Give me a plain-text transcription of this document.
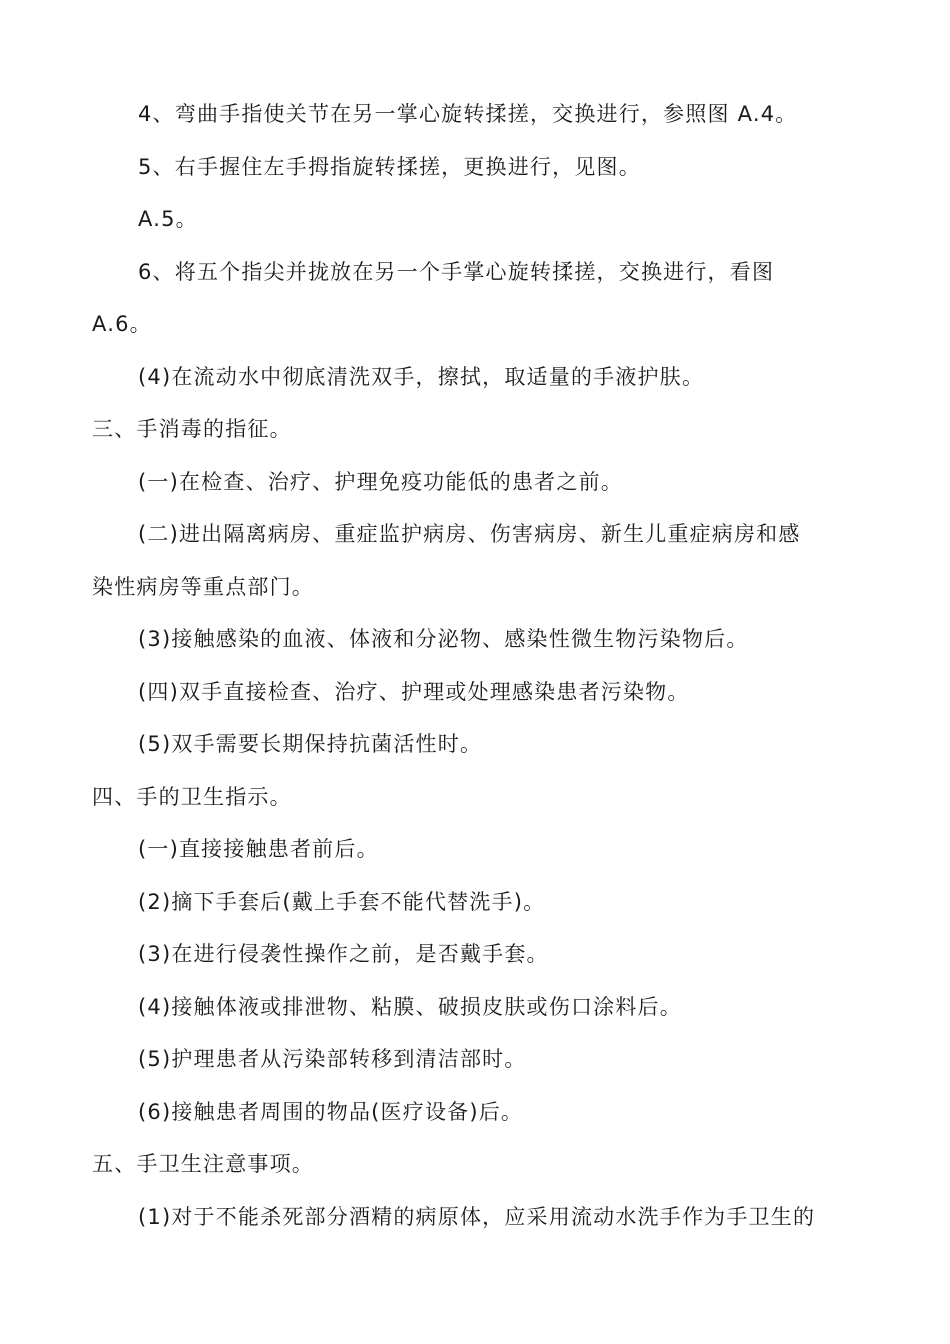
4、弯曲手指使关节在另一掌心旋转揉搓，交换进行，参照图 A.4。

5、右手握住左手拇指旋转揉搓，更换进行，见图。

A.5。

6、将五个指尖并拢放在另一个手掌心旋转揉搓，交换进行，看图

A.6。

(4)在流动水中彻底清洗双手，擦拭，取适量的手液护肤。

三、手消毒的指征。

(一)在检查、治疗、护理免疫功能低的患者之前。

(二)进出隔离病房、重症监护病房、伤害病房、新生儿重症病房和感

染性病房等重点部门。

(3)接触感染的血液、体液和分泌物、感染性微生物污染物后。

(四)双手直接检查、治疗、护理或处理感染患者污染物。

(5)双手需要长期保持抗菌活性时。

四、手的卫生指示。

(一)直接接触患者前后。

(2)摘下手套后(戴上手套不能代替洗手)。

(3)在进行侵袭性操作之前，是否戴手套。

(4)接触体液或排泄物、粘膜、破损皮肤或伤口涂料后。

(5)护理患者从污染部转移到清洁部时。

(6)接触患者周围的物品(医疗设备)后。

五、手卫生注意事项。

(1)对于不能杀死部分酒精的病原体，应采用流动水洗手作为手卫生的
